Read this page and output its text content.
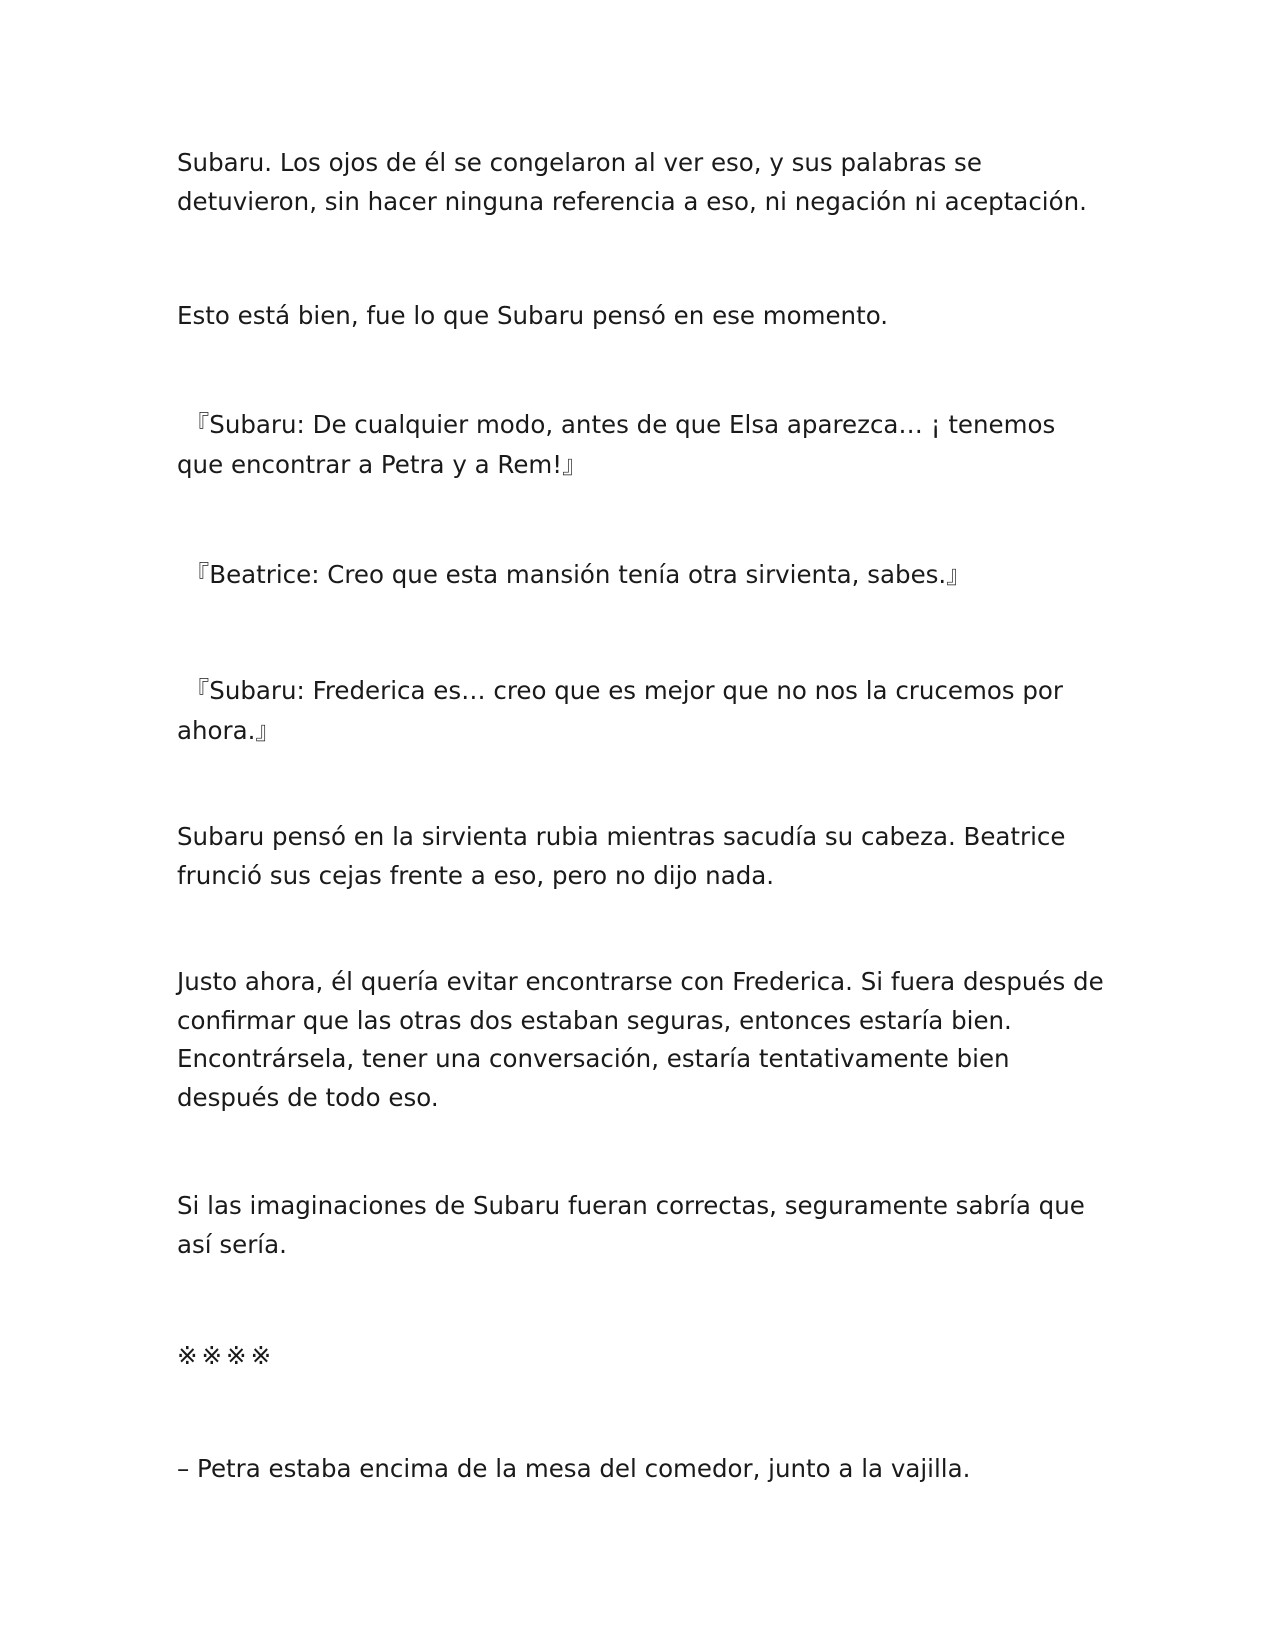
Subaru. Los ojos de él se congelaron al ver eso, y sus palabras se detuvieron, sin hacer ninguna referencia a eso, ni negación ni aceptación.

Esto está bien, fue lo que Subaru pensó en ese momento.

『Subaru: De cualquier modo, antes de que Elsa aparezca… ¡ tenemos que encontrar a Petra y a Rem!』

『Beatrice: Creo que esta mansión tenía otra sirvienta, sabes.』

『Subaru: Frederica es… creo que es mejor que no nos la crucemos por ahora.』

Subaru pensó en la sirvienta rubia mientras sacudía su cabeza. Beatrice frunció sus cejas frente a eso, pero no dijo nada.

Justo ahora, él quería evitar encontrarse con Frederica. Si fuera después de confirmar que las otras dos estaban seguras, entonces estaría bien. Encontrársela, tener una conversación, estaría tentativamente bien después de todo eso.

Si las imaginaciones de Subaru fueran correctas, seguramente sabría que así sería.

※※※※

– Petra estaba encima de la mesa del comedor, junto a la vajilla.
